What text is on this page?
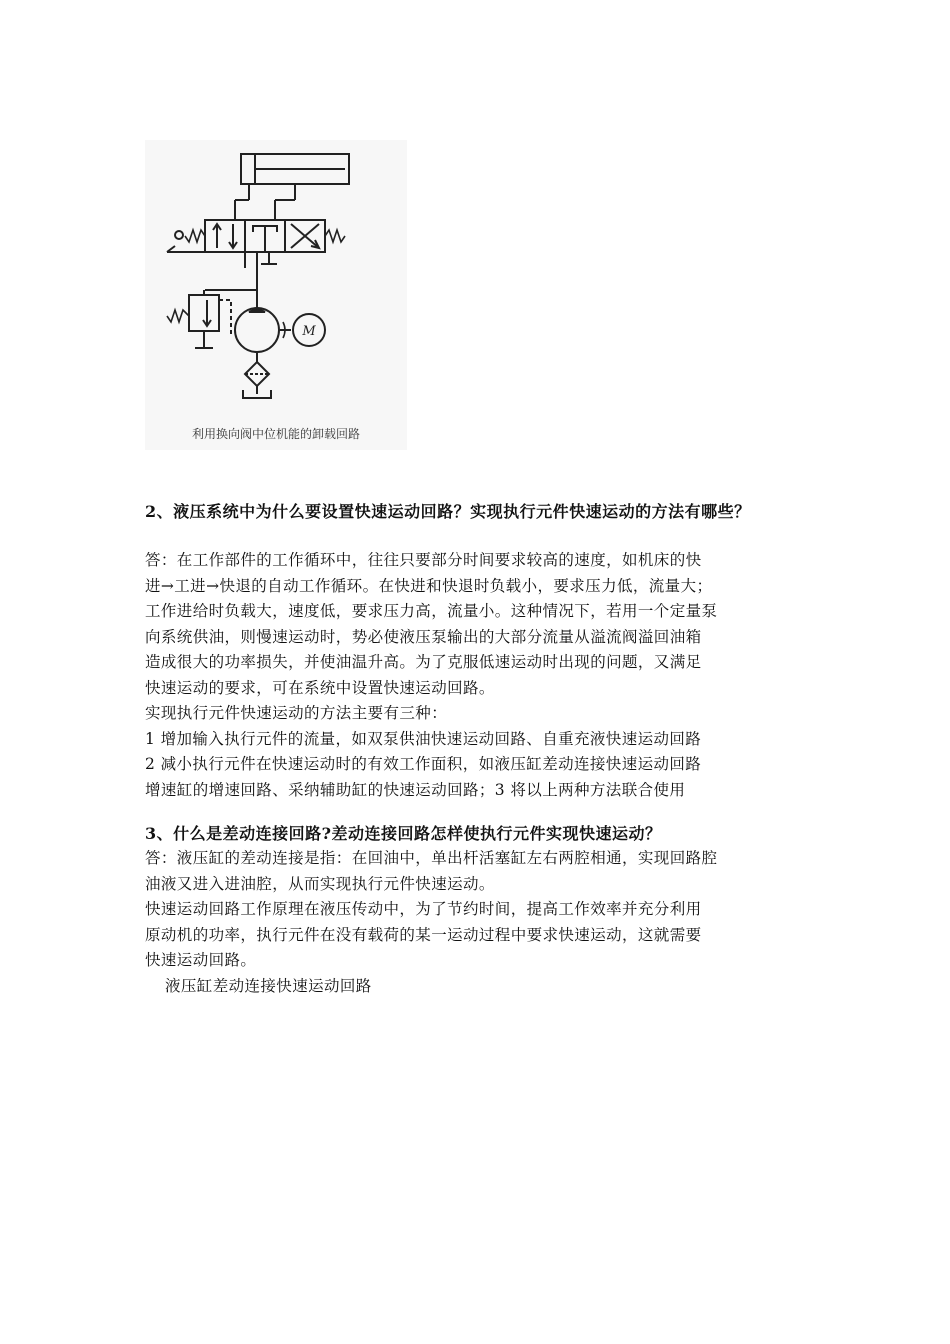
M
利用换向阀中位机能的卸载回路

2、液压系统中为什么要设置快速运动回路？实现执行元件快速运动的方法有哪些？

答：在工作部件的工作循环中，往往只要部分时间要求较高的速度，如机床的快

进→工进→快退的自动工作循环。在快进和快退时负载小，要求压力低，流量大；

工作进给时负载大，速度低，要求压力高，流量小。这种情况下，若用一个定量泵

向系统供油，则慢速运动时，势必使液压泵输出的大部分流量从溢流阀溢回油箱

造成很大的功率损失，并使油温升高。为了克服低速运动时出现的问题，又满足

快速运动的要求，可在系统中设置快速运动回路。

实现执行元件快速运动的方法主要有三种：

1 增加输入执行元件的流量，如双泵供油快速运动回路、自重充液快速运动回路

2 减小执行元件在快速运动时的有效工作面积，如液压缸差动连接快速运动回路

增速缸的增速回路、采纳辅助缸的快速运动回路；3 将以上两种方法联合使用

3、什么是差动连接回路?差动连接回路怎样使执行元件实现快速运动？

答：液压缸的差动连接是指：在回油中，单出杆活塞缸左右两腔相通，实现回路腔

油液又进入进油腔，从而实现执行元件快速运动。

快速运动回路工作原理在液压传动中，为了节约时间，提高工作效率并充分利用

原动机的功率，执行元件在没有载荷的某一运动过程中要求快速运动，这就需要

快速运动回路。

液压缸差动连接快速运动回路
